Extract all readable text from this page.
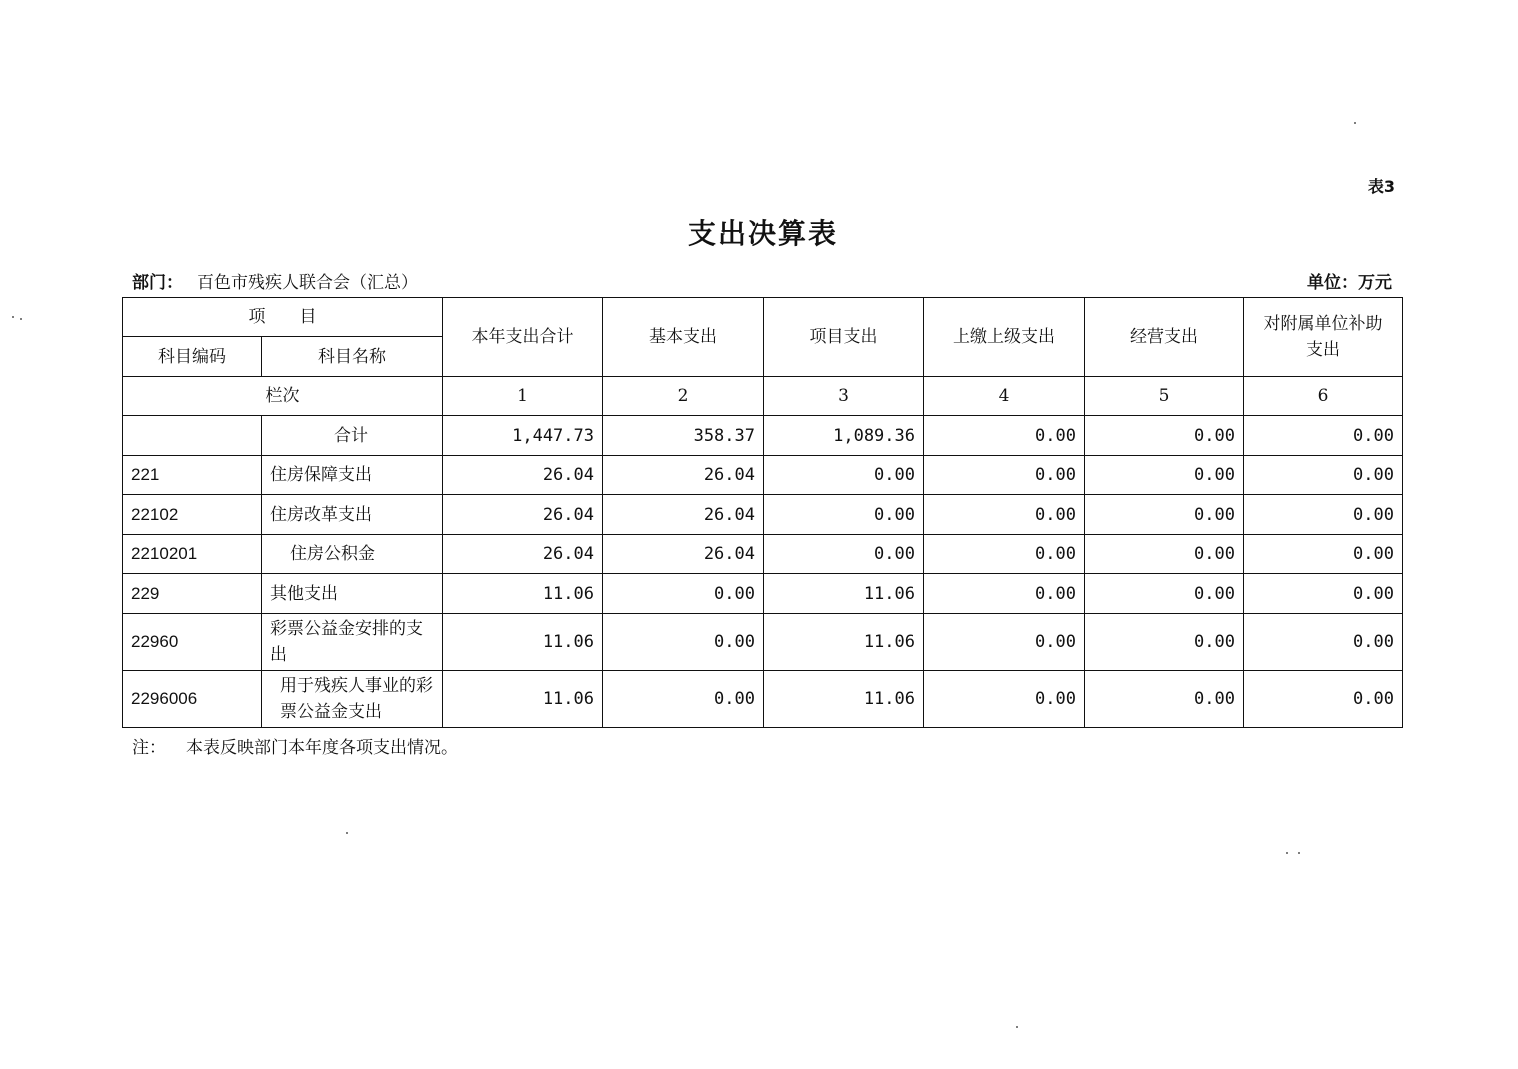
表3
支出决算表
部门： 百色市残疾人联合会（汇总）	单位：万元
项　　目		本年支出合计	基本支出	项目支出	上缴上级支出	经营支出	对附属单位补助支出
科目编码	科目名称						
栏次		1	2	3	4	5	6
	合计	1,447.73	358.37	1,089.36	0.00	0.00	0.00
221	住房保障支出	26.04	26.04	0.00	0.00	0.00	0.00
22102	住房改革支出	26.04	26.04	0.00	0.00	0.00	0.00
2210201	住房公积金	26.04	26.04	0.00	0.00	0.00	0.00
229	其他支出	11.06	0.00	11.06	0.00	0.00	0.00
22960	彩票公益金安排的支出	11.06	0.00	11.06	0.00	0.00	0.00
2296006	用于残疾人事业的彩票公益金支出	11.06	0.00	11.06	0.00	0.00	0.00
注： 本表反映部门本年度各项支出情况。
